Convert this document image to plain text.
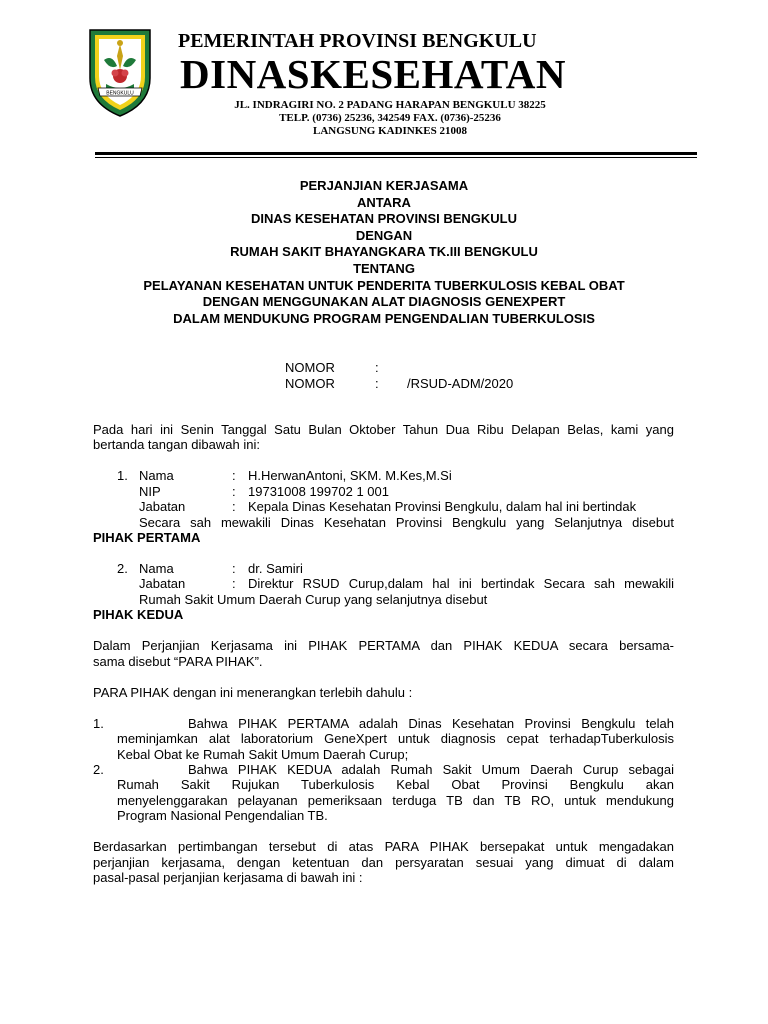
BENGKULU
PEMERINTAH PROVINSI BENGKULU
DINASKESEHATAN
JL. INDRAGIRI NO. 2 PADANG HARAPAN BENGKULU 38225
TELP. (0736) 25236, 342549 FAX. (0736)-25236
LANGSUNG KADINKES 21008
PERJANJIAN KERJASAMA
ANTARA
DINAS KESEHATAN PROVINSI BENGKULU
DENGAN
RUMAH SAKIT BHAYANGKARA TK.III BENGKULU
TENTANG
PELAYANAN KESEHATAN UNTUK PENDERITA TUBERKULOSIS KEBAL OBAT
DENGAN MENGGUNAKAN ALAT DIAGNOSIS GENEXPERT
DALAM MENDUKUNG PROGRAM PENGENDALIAN TUBERKULOSIS
NOMOR	:
NOMOR	: /RSUD-ADM/2020
Pada hari ini Senin Tanggal Satu Bulan Oktober Tahun Dua Ribu Delapan Belas, kami yang
bertanda tangan dibawah ini:
1. Nama	: H.HerwanAntoni, SKM. M.Kes,M.Si
NIP	: 19731008 199702 1 001
Jabatan	: Kepala Dinas Kesehatan Provinsi Bengkulu, dalam hal ini bertindak
Secara sah mewakili Dinas Kesehatan Provinsi Bengkulu yang Selanjutnya disebut
PIHAK PERTAMA
2. Nama	: dr. Samiri
Jabatan	: Direktur RSUD Curup,dalam hal ini bertindak Secara sah mewakili
Rumah Sakit Umum Daerah Curup yang selanjutnya disebut
PIHAK KEDUA
Dalam Perjanjian Kerjasama ini PIHAK PERTAMA dan PIHAK KEDUA secara bersama-
sama disebut “PARA PIHAK”.
PARA PIHAK dengan ini menerangkan terlebih dahulu :
1.	Bahwa PIHAK PERTAMA adalah Dinas Kesehatan Provinsi Bengkulu telah
meminjamkan alat laboratorium GeneXpert untuk diagnosis cepat terhadapTuberkulosis
Kebal Obat ke Rumah Sakit Umum Daerah Curup;
2.	Bahwa PIHAK KEDUA adalah Rumah Sakit Umum Daerah Curup sebagai
Rumah Sakit Rujukan Tuberkulosis Kebal Obat Provinsi Bengkulu akan
menyelenggarakan pelayanan pemeriksaan terduga TB dan TB RO, untuk mendukung
Program Nasional Pengendalian TB.
Berdasarkan pertimbangan tersebut di atas PARA PIHAK bersepakat untuk mengadakan
perjanjian kerjasama, dengan ketentuan dan persyaratan sesuai yang dimuat di dalam
pasal-pasal perjanjian kerjasama di bawah ini :
